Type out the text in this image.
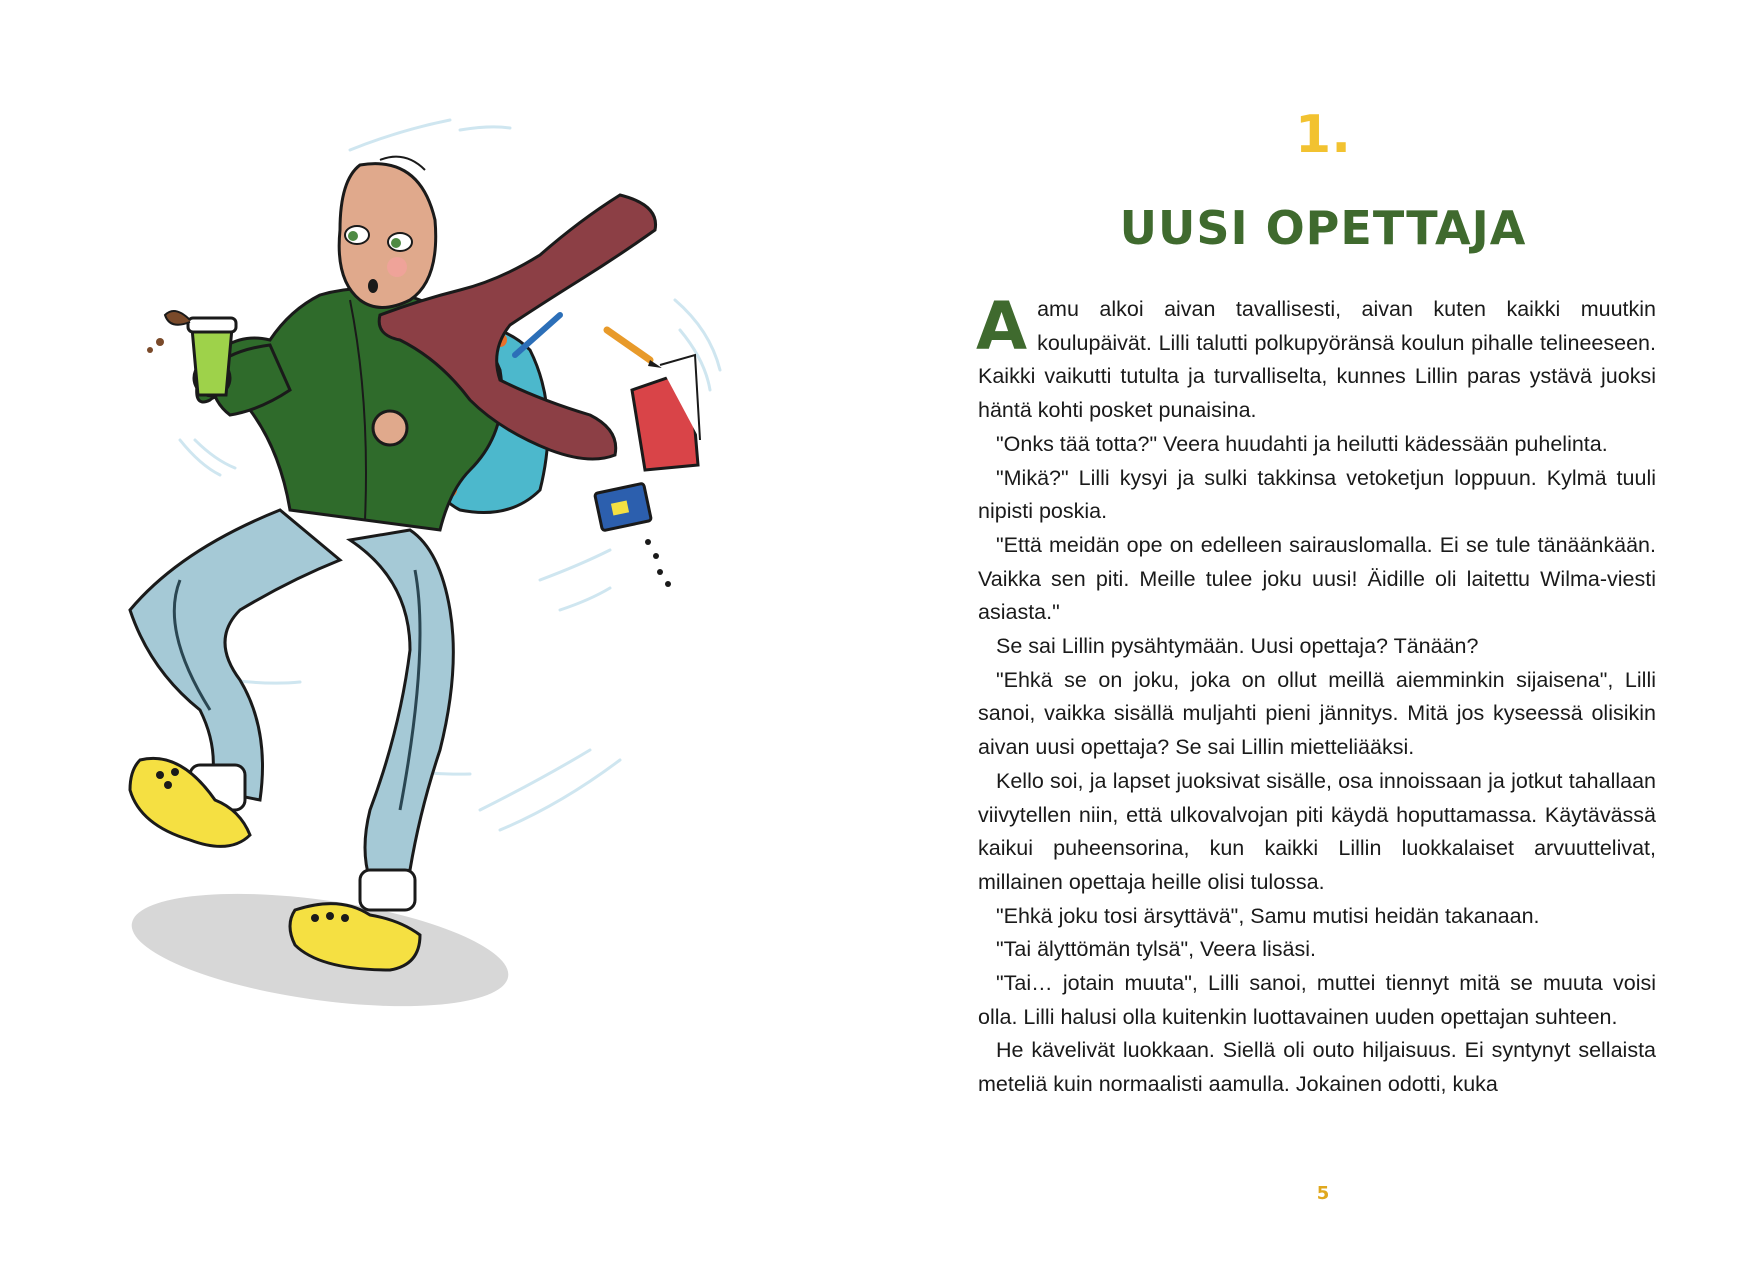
1.
UUSI OPETTAJA

Aamu alkoi aivan tavallisesti, aivan kuten kaikki muutkin koulupäivät. Lilli talutti polkupyöränsä koulun pihalle telineeseen. Kaikki vaikutti tutulta ja turvalliselta, kunnes Lillin paras ystävä juoksi häntä kohti posket punaisina.

"Onks tää totta?" Veera huudahti ja heilutti kädessään puhelinta.

"Mikä?" Lilli kysyi ja sulki takkinsa vetoketjun loppuun. Kylmä tuuli nipisti poskia.

"Että meidän ope on edelleen sairauslomalla. Ei se tule tänäänkään. Vaikka sen piti. Meille tulee joku uusi! Äidille oli laitettu Wilma-viesti asiasta."

Se sai Lillin pysähtymään. Uusi opettaja? Tänään?

"Ehkä se on joku, joka on ollut meillä aiemminkin sijaisena", Lilli sanoi, vaikka sisällä muljahti pieni jännitys. Mitä jos kyseessä olisikin aivan uusi opettaja? Se sai Lillin mietteliääksi.

Kello soi, ja lapset juoksivat sisälle, osa innoissaan ja jotkut tahallaan viivytellen niin, että ulkovalvojan piti käydä hoputtamassa. Käytävässä kaikui puheensorina, kun kaikki Lillin luokkalaiset arvuuttelivat, millainen opettaja heille olisi tulossa.

"Ehkä joku tosi ärsyttävä", Samu mutisi heidän takanaan.

"Tai älyttömän tylsä", Veera lisäsi.

"Tai… jotain muuta", Lilli sanoi, muttei tiennyt mitä se muuta voisi olla. Lilli halusi olla kuitenkin luottavainen uuden opettajan suhteen.

He kävelivät luokkaan. Siellä oli outo hiljaisuus. Ei syntynyt sellaista meteliä kuin normaalisti aamulla. Jokainen odotti, kuka

5
